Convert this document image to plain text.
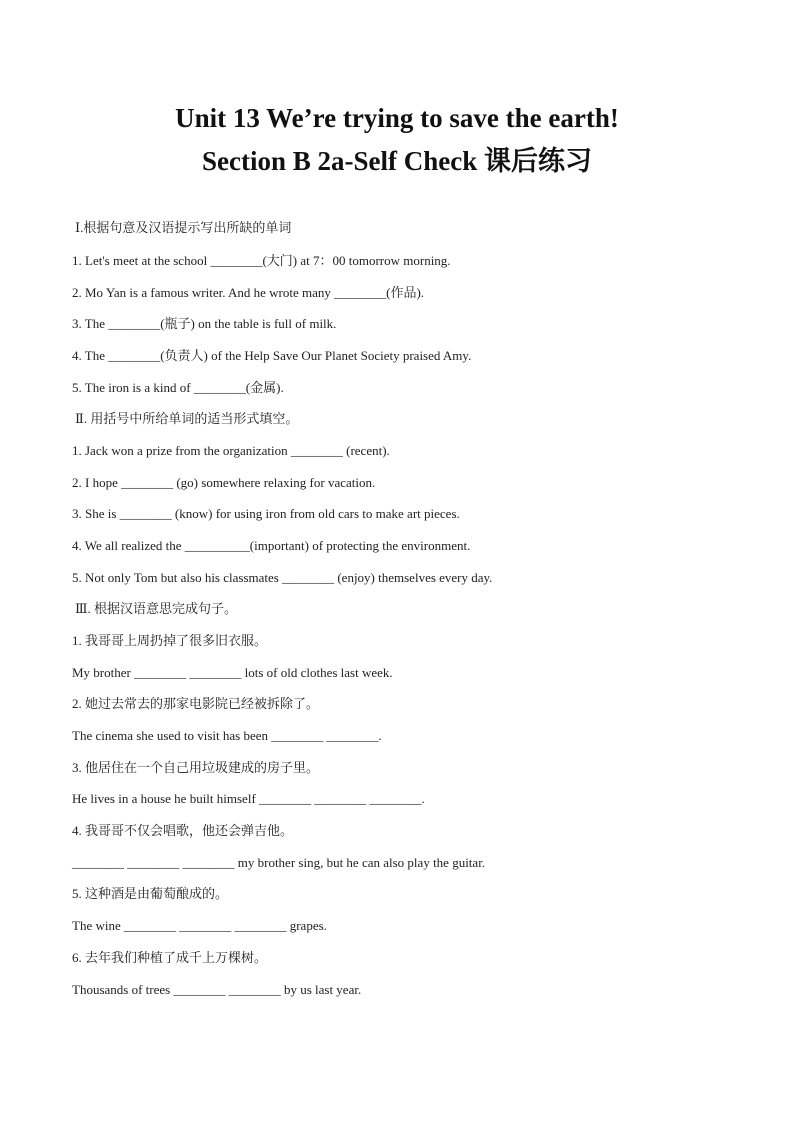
Unit 13 We’re trying to save the earth!
Section B 2a-Self Check 课后练习
Ⅰ.根据句意及汉语提示写出所缺的单词
1. Let's meet at the school ________(大门) at 7：00 tomorrow morning.
2. Mo Yan is a famous writer. And he wrote many ________(作品).
3. The ________(瓶子) on the table is full of milk.
4. The ________(负责人) of the Help Save Our Planet Society praised Amy.
5. The iron is a kind of ________(金属).
Ⅱ. 用括号中所给单词的适当形式填空。
1. Jack won a prize from the organization ________ (recent).
2. I hope ________ (go) somewhere relaxing for vacation.
3. She is ________ (know) for using iron from old cars to make art pieces.
4. We all realized the __________(important) of protecting the environment.
5. Not only Tom but also his classmates ________ (enjoy) themselves every day.
Ⅲ. 根据汉语意思完成句子。
1. 我哥哥上周扔掉了很多旧衣服。
My brother ________ ________ lots of old clothes last week.
2. 她过去常去的那家电影院已经被拆除了。
The cinema she used to visit has been ________ ________.
3. 他居住在一个自己用垃圾建成的房子里。
He lives in a house he built himself ________ ________ ________.
4. 我哥哥不仅会唱歌，他还会弹吉他。
________ ________ ________ my brother sing, but he can also play the guitar.
5. 这种酒是由葡萄酿成的。
The wine ________ ________ ________ grapes.
6. 去年我们种植了成千上万棵树。
Thousands of trees ________ ________ by us last year.
